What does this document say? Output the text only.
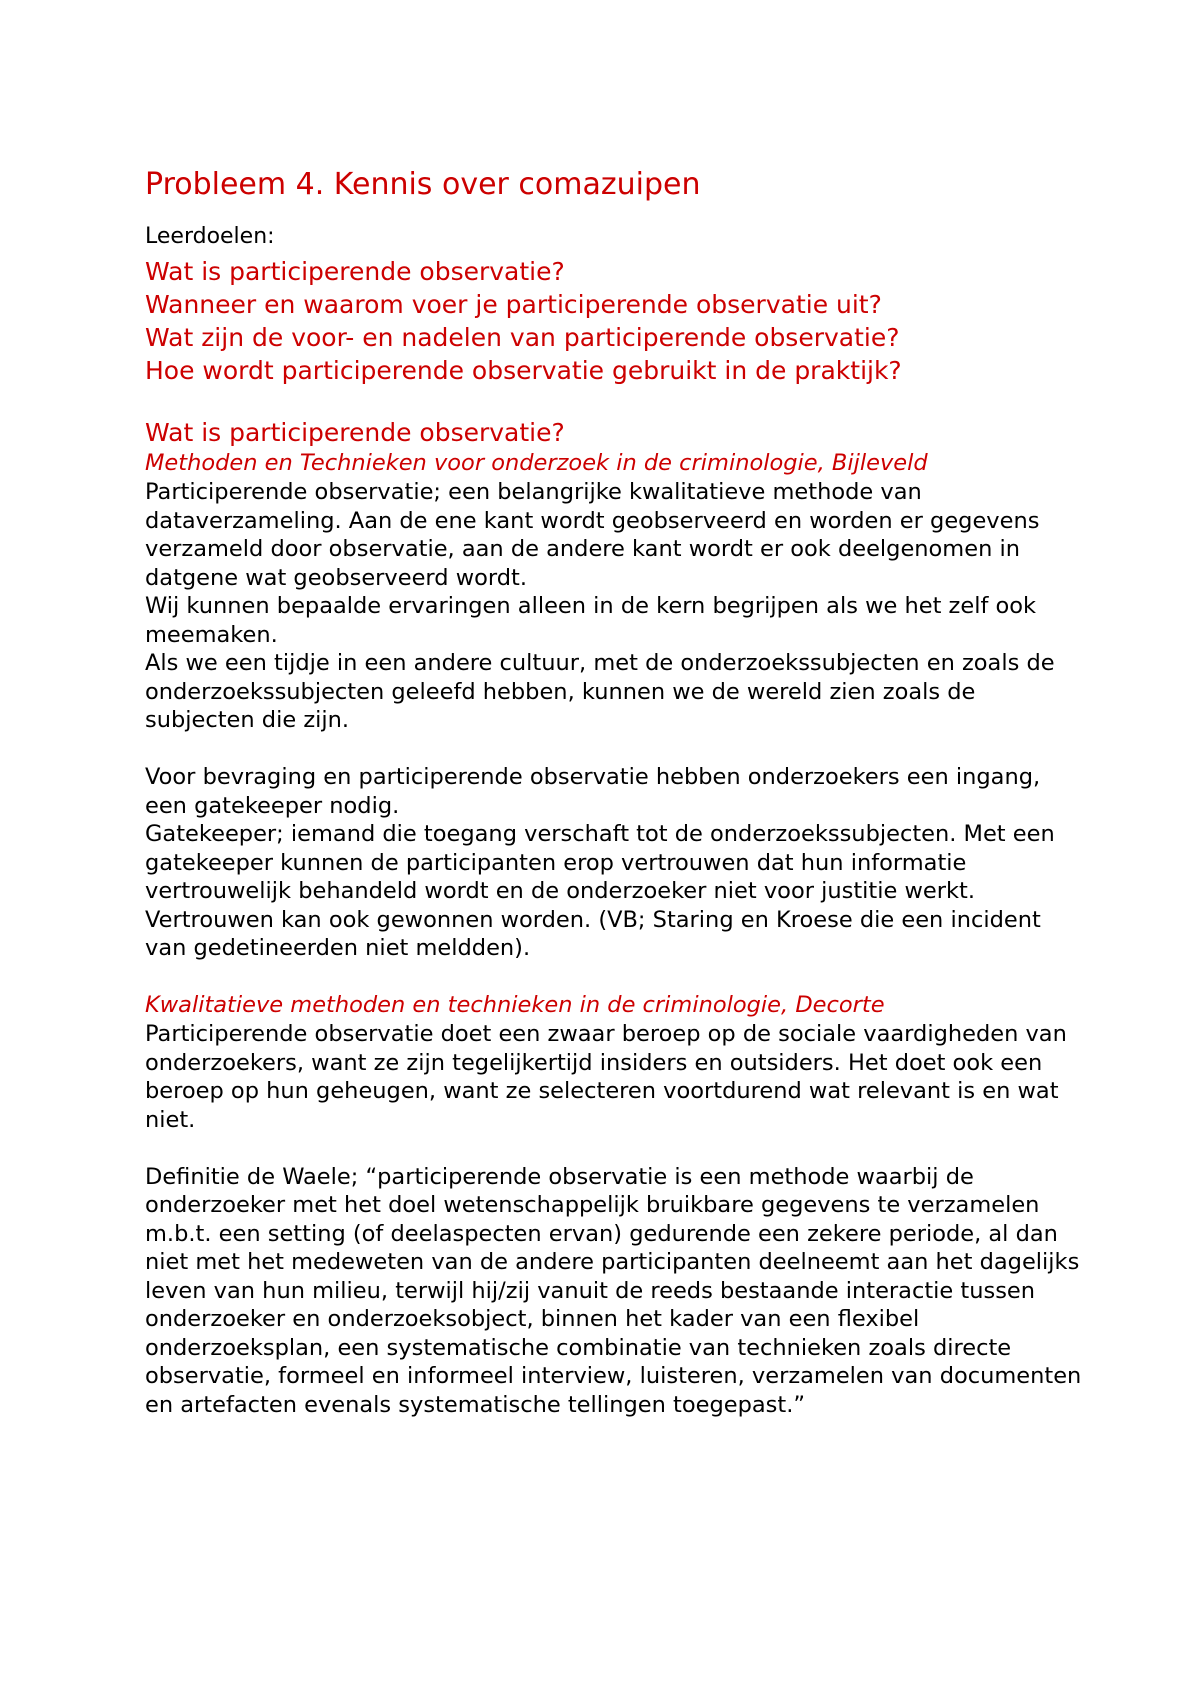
Probleem 4. Kennis over comazuipen
Leerdoelen:

Wat is participerende observatie?

Wanneer en waarom voer je participerende observatie uit?

Wat zijn de voor- en nadelen van participerende observatie?

Hoe wordt participerende observatie gebruikt in de praktijk?

Wat is participerende observatie?

Methoden en Technieken voor onderzoek in de criminologie, Bijleveld

Participerende observatie; een belangrijke kwalitatieve methode van dataverzameling. Aan de ene kant wordt geobserveerd en worden er gegevens verzameld door observatie, aan de andere kant wordt er ook deelgenomen in datgene wat geobserveerd wordt.

Wij kunnen bepaalde ervaringen alleen in de kern begrijpen als we het zelf ook meemaken.

Als we een tijdje in een andere cultuur, met de onderzoekssubjecten en zoals de onderzoekssubjecten geleefd hebben, kunnen we de wereld zien zoals de subjecten die zijn.

Voor bevraging en participerende observatie hebben onderzoekers een ingang, een gatekeeper nodig.

Gatekeeper; iemand die toegang verschaft tot de onderzoekssubjecten. Met een gatekeeper kunnen de participanten erop vertrouwen dat hun informatie vertrouwelijk behandeld wordt en de onderzoeker niet voor justitie werkt.

Vertrouwen kan ook gewonnen worden. (VB; Staring en Kroese die een incident van gedetineerden niet meldden).

Kwalitatieve methoden en technieken in de criminologie, Decorte

Participerende observatie doet een zwaar beroep op de sociale vaardigheden van onderzoekers, want ze zijn tegelijkertijd insiders en outsiders. Het doet ook een beroep op hun geheugen, want ze selecteren voortdurend wat relevant is en wat niet.

Definitie de Waele; “participerende observatie is een methode waarbij de onderzoeker met het doel wetenschappelijk bruikbare gegevens te verzamelen m.b.t. een setting (of deelaspecten ervan) gedurende een zekere periode, al dan niet met het medeweten van de andere participanten deelneemt aan het dagelijks leven van hun milieu, terwijl hij/zij vanuit de reeds bestaande interactie tussen onderzoeker en onderzoeksobject, binnen het kader van een flexibel onderzoeksplan, een systematische combinatie van technieken zoals directe observatie, formeel en informeel interview, luisteren, verzamelen van documenten en artefacten evenals systematische tellingen toegepast.”
